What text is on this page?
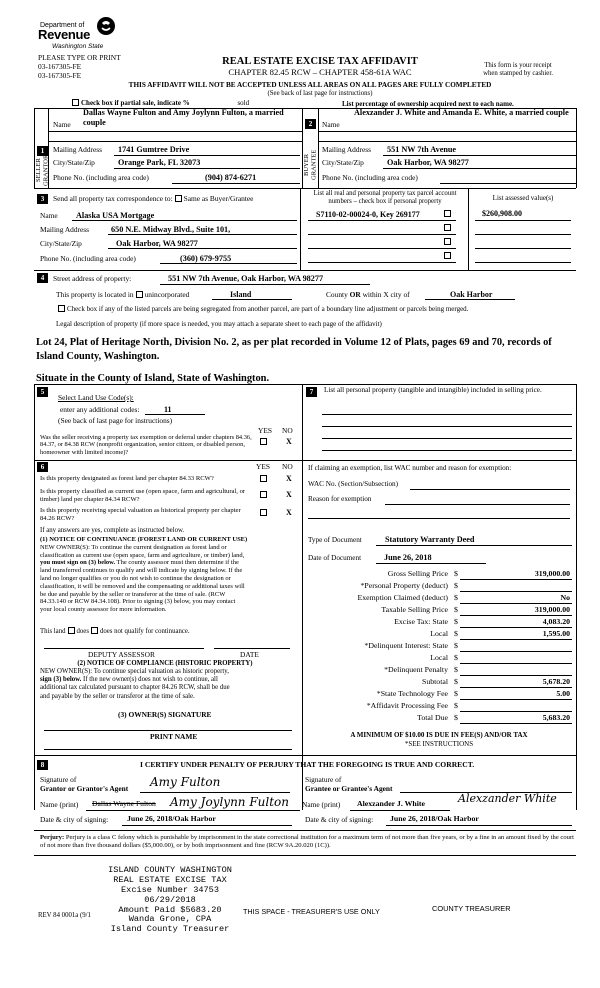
Department of
Revenue
Washington State
PLEASE TYPE OR PRINT
03-167305-FE
03-167305-FE
REAL ESTATE EXCISE TAX AFFIDAVIT
CHAPTER 82.45 RCW – CHAPTER 458-61A WAC
This form is your receipt
when stamped by cashier.
THIS AFFIDAVIT WILL NOT BE ACCEPTED UNLESS ALL AREAS ON ALL PAGES ARE FULLY COMPLETED
(See back of last page for instructions)
Check box if partial sale, indicate %	sold	List percentage of ownership acquired next to each name.
1
SELLER GRANTOR
Name
Dallas Wayne Fulton and Amy Joylynn Fulton, a married couple
Mailing Address 1741 Gumtree Drive
City/State/Zip	Orange Park, FL 32073
Phone No. (including area code)	(904) 874-6271
2
BUYER GRANTEE
Name
Alexzander J. White and Amanda E. White, a married couple
Mailing Address 551 NW 7th Avenue
City/State/Zip	Oak Harbor, WA 98277
Phone No. (including area code)
3	Send all property tax correspondence to: Same as Buyer/Grantee
Name Alaska USA Mortgage
Mailing Address	650 N.E. Midway Blvd., Suite 101,
City/State/Zip	Oak Harbor, WA 98277
Phone No. (including area code)	(360) 679-9755
List all real and personal property tax parcel account
numbers – check box if personal property	List assessed value(s)
S7110-02-00024-0, Key 269177	$260,908.00
4	Street address of property:	551 NW 7th Avenue, Oak Harbor, WA 98277
This property is located in unincorporated	Island	County OR within X city of	Oak Harbor
Check box if any of the listed parcels are being segregated from another parcel, are part of a boundary line adjustment or parcels being merged.
Legal description of property (if more space is needed, you may attach a separate sheet to each page of the affidavit)
Lot 24, Plat of Heritage North, Division No. 2, as per plat recorded in Volume 12 of Plats, pages 69 and 70, records of Island County, Washington.
Situate in the County of Island, State of Washington.
5
Select Land Use Code(s):
enter any additional codes:	11
(See back of last page for instructions)
YES NO
Was the seller receiving a property tax exemption or deferral under chapters 84.36, 84.37, or 84.38 RCW (nonprofit organization, senior citizen, or disabled person, homeowner with limited income)?
X
6	YES NO
Is this property designated as forest land per chapter 84.33 RCW?	X
Is this property classified as current use (open space, farm and agricultural, or timber) land per chapter 84.34 RCW?
X
Is this property receiving special valuation as historical property per chapter 84.26 RCW?
X
If any answers are yes, complete as instructed below.
(1) NOTICE OF CONTINUANCE (FOREST LAND OR CURRENT USE)
NEW OWNER(S): To continue the current designation as forest land or
classification as current use (open space, farm and agriculture, or timber) land,
you must sign on (3) below. The county assessor must then determine if the
land transferred continues to qualify and will indicate by signing below. If the
land no longer qualifies or you do not wish to continue the designation or
classification, it will be removed and the compensating or additional taxes will
be due and payable by the seller or transferor at the time of sale. (RCW
84.33.140 or RCW 84.34.108). Prior to signing (3) below, you may contact
your local county assessor for more information.
This land does does not qualify for continuance.
DEPUTY ASSESSOR	DATE
(2) NOTICE OF COMPLIANCE (HISTORIC PROPERTY)
NEW OWNER(S): To continue special valuation as historic property,
sign (3) below. If the new owner(s) does not wish to continue, all
additional tax calculated pursuant to chapter 84.26 RCW, shall be due
and payable by the seller or transferor at the time of sale.
(3) OWNER(S) SIGNATURE
PRINT NAME
7	List all personal property (tangible and intangible) included in selling price.
If claiming an exemption, list WAC number and reason for exemption:
WAC No. (Section/Subsection)
Reason for exemption
Type of Document	Statutory Warranty Deed
Date of Document	June 26, 2018
Gross Selling Price $	319,000.00
*Personal Property (deduct) $
Exemption Claimed (deduct) $	No
Taxable Selling Price $	319,000.00
Excise Tax: State $	4,083.20
Local $	1,595.00
*Delinquent Interest: State $
Local $
*Delinquent Penalty $
Subtotal $	5,678.20
*State Technology Fee $	5.00
*Affidavit Processing Fee $
Total Due $	5,683.20
A MINIMUM OF $10.00 IS DUE IN FEE(S) AND/OR TAX
*SEE INSTRUCTIONS
8	I CERTIFY UNDER PENALTY OF PERJURY THAT THE FOREGOING IS TRUE AND CORRECT.
Signature of
Grantor or Grantor's Agent Amy Fulton	Signature of
Grantee or Grantee's Agent
Name (print) Dallas Wayne Fulton Amy Joylynn Fulton Name (print) Alexzander J. White	Alexzander White
Date & city of signing: June 26, 2018/Oak Harbor	Date & city of signing: June 26, 2018/Oak Harbor
Perjury: Perjury is a class C felony which is punishable by imprisonment in the state correctional institution for a maximum term of not more than five years, or by a fine in an amount fixed by the court of not more than five thousand dollars ($5,000.00), or by both imprisonment and fine (RCW 9A.20.020 (1C)).
ISLAND COUNTY WASHINGTON
REAL ESTATE EXCISE TAX
Excise Number 34753
06/29/2018
Amount Paid $5683.20
Wanda Grone, CPA
Island County Treasurer
REV 84 0001a (9/1	THIS SPACE - TREASURER'S USE ONLY	COUNTY TREASURER
